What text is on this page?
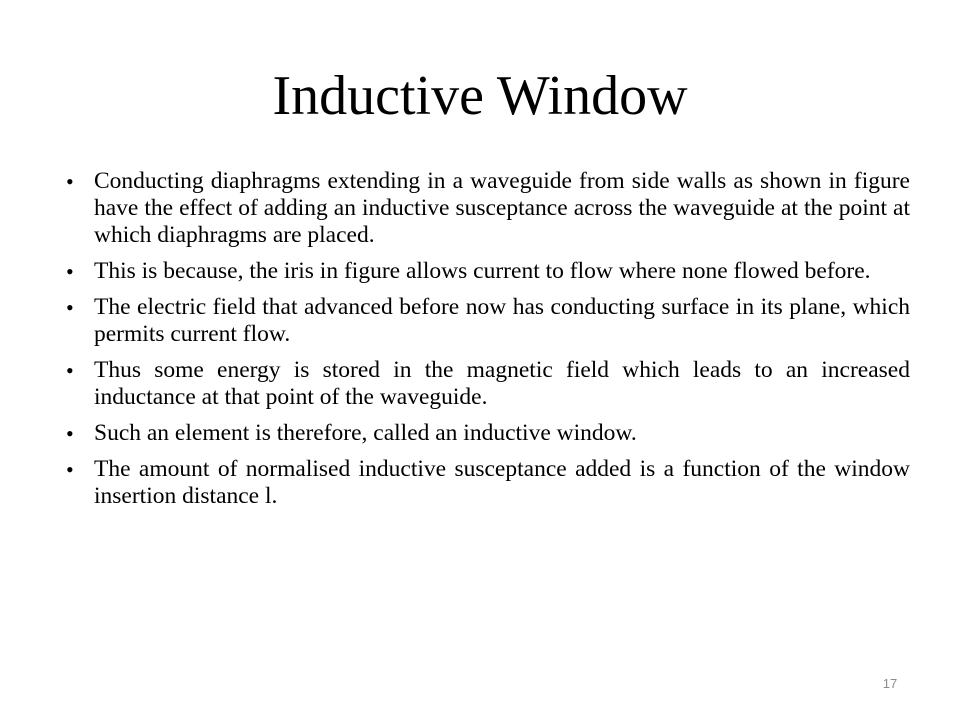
Inductive Window
• Conducting diaphragms extending in a waveguide from side walls as shown in figure have the effect of adding an inductive susceptance across the waveguide at the point at which diaphragms are placed.
• This is because, the iris in figure allows current to flow where none flowed before.
• The electric field that advanced before now has conducting surface in its plane, which permits current flow.
• Thus some energy is stored in the magnetic field which leads to an increased inductance at that point of the waveguide.
• Such an element is therefore, called an inductive window.
• The amount of normalised inductive susceptance added is a function of the window insertion distance l.
17
